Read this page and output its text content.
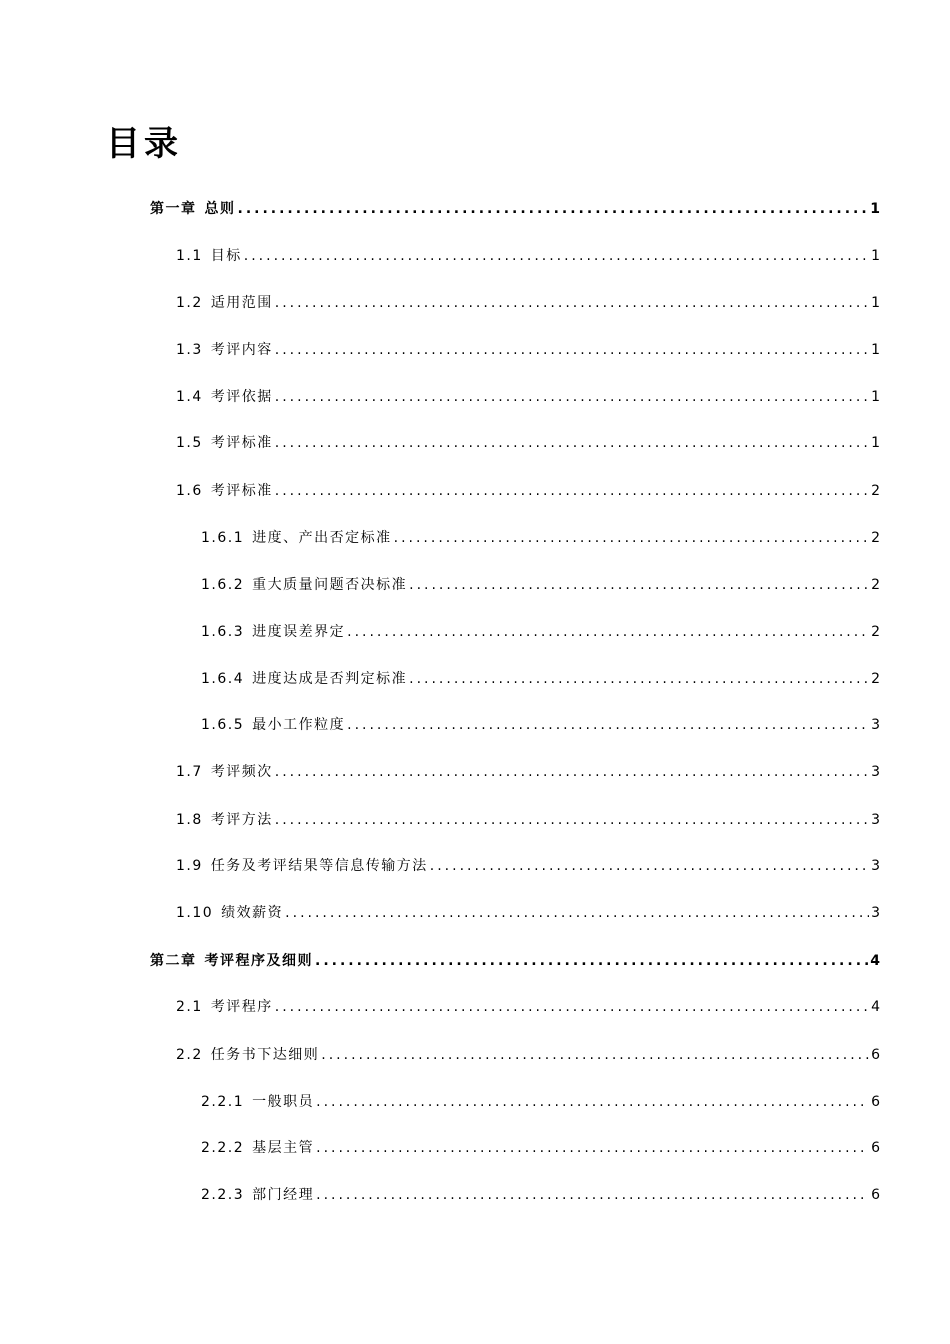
目录
第一章 总则 .....	1
1.1 目标 .....	1
1.2 适用范围 .....	1
1.3 考评内容 .....	1
1.4 考评依据 .....	1
1.5 考评标准 .....	1
1.6 考评标准 .....	2
1.6.1 进度、产出否定标准 .....	2
1.6.2 重大质量问题否决标准 .....	2
1.6.3 进度误差界定 .....	2
1.6.4 进度达成是否判定标准 .....	2
1.6.5 最小工作粒度 .....	3
1.7 考评频次 .....	3
1.8 考评方法 .....	3
1.9 任务及考评结果等信息传输方法 .....	3
1.10 绩效薪资 .....	3
第二章 考评程序及细则 .....	4
2.1 考评程序 .....	4
2.2 任务书下达细则 .....	6
2.2.1 一般职员 .....	6
2.2.2 基层主管 .....	6
2.2.3 部门经理 .....	6
